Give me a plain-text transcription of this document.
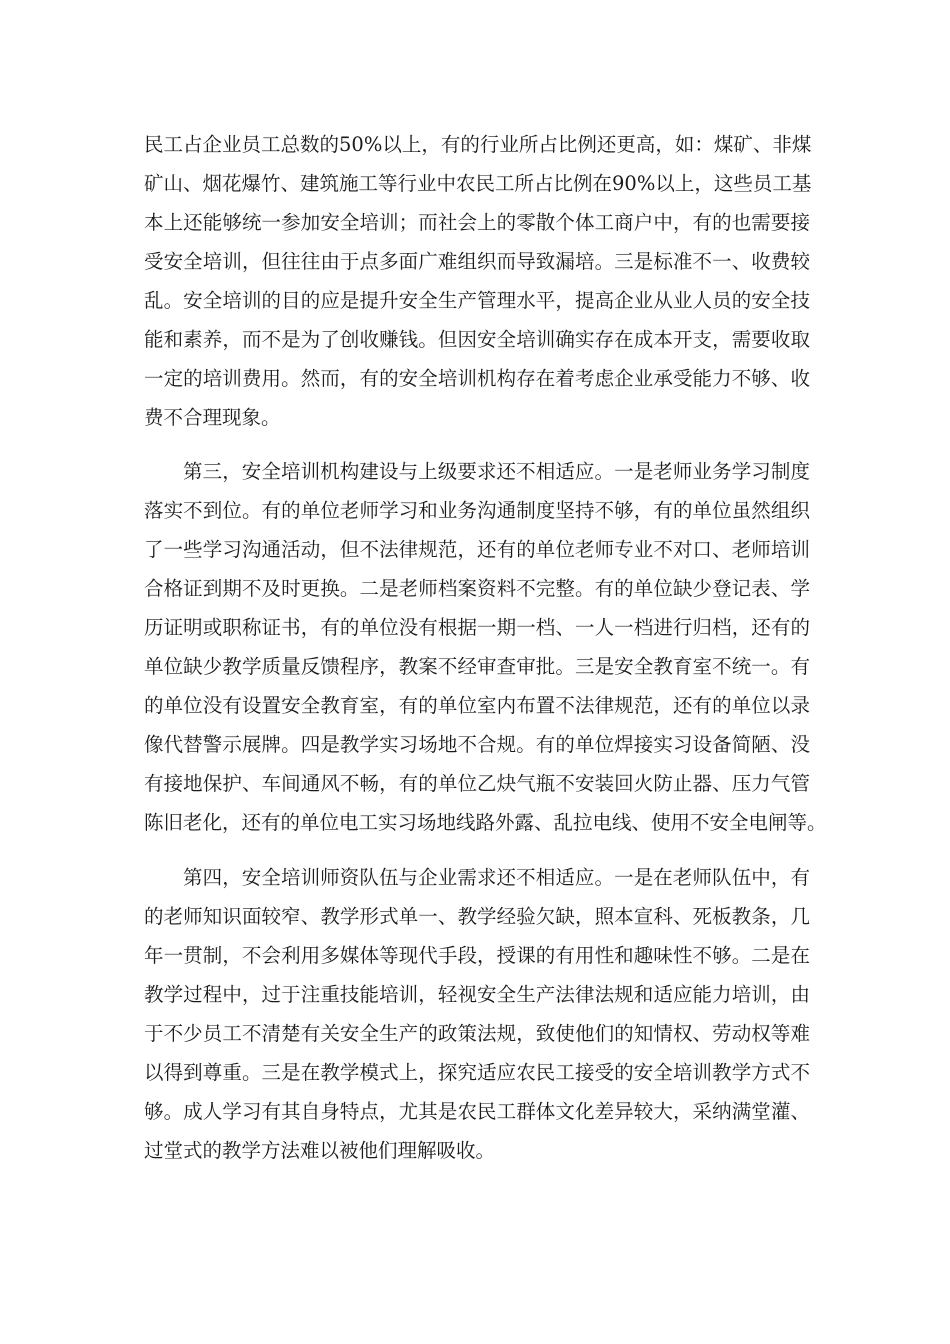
民工占企业员工总数的50%以上，有的行业所占比例还更高，如：煤矿、非煤
矿山、烟花爆竹、建筑施工等行业中农民工所占比例在90%以上，这些员工基
本上还能够统一参加安全培训；而社会上的零散个体工商户中，有的也需要接
受安全培训，但往往由于点多面广难组织而导致漏培。三是标准不一、收费较
乱。安全培训的目的应是提升安全生产管理水平，提高企业从业人员的安全技
能和素养，而不是为了创收赚钱。但因安全培训确实存在成本开支，需要收取
一定的培训费用。然而，有的安全培训机构存在着考虑企业承受能力不够、收
费不合理现象。
第三，安全培训机构建设与上级要求还不相适应。一是老师业务学习制度
落实不到位。有的单位老师学习和业务沟通制度坚持不够，有的单位虽然组织
了一些学习沟通活动，但不法律规范，还有的单位老师专业不对口、老师培训
合格证到期不及时更换。二是老师档案资料不完整。有的单位缺少登记表、学
历证明或职称证书，有的单位没有根据一期一档、一人一档进行归档，还有的
单位缺少教学质量反馈程序，教案不经审查审批。三是安全教育室不统一。有
的单位没有设置安全教育室，有的单位室内布置不法律规范，还有的单位以录
像代替警示展牌。四是教学实习场地不合规。有的单位焊接实习设备简陋、没
有接地保护、车间通风不畅，有的单位乙炔气瓶不安装回火防止器、压力气管
陈旧老化，还有的单位电工实习场地线路外露、乱拉电线、使用不安全电闸等。
第四，安全培训师资队伍与企业需求还不相适应。一是在老师队伍中，有
的老师知识面较窄、教学形式单一、教学经验欠缺，照本宣科、死板教条，几
年一贯制，不会利用多媒体等现代手段，授课的有用性和趣味性不够。二是在
教学过程中，过于注重技能培训，轻视安全生产法律法规和适应能力培训，由
于不少员工不清楚有关安全生产的政策法规，致使他们的知情权、劳动权等难
以得到尊重。三是在教学模式上，探究适应农民工接受的安全培训教学方式不
够。成人学习有其自身特点，尤其是农民工群体文化差异较大，采纳满堂灌、
过堂式的教学方法难以被他们理解吸收。
